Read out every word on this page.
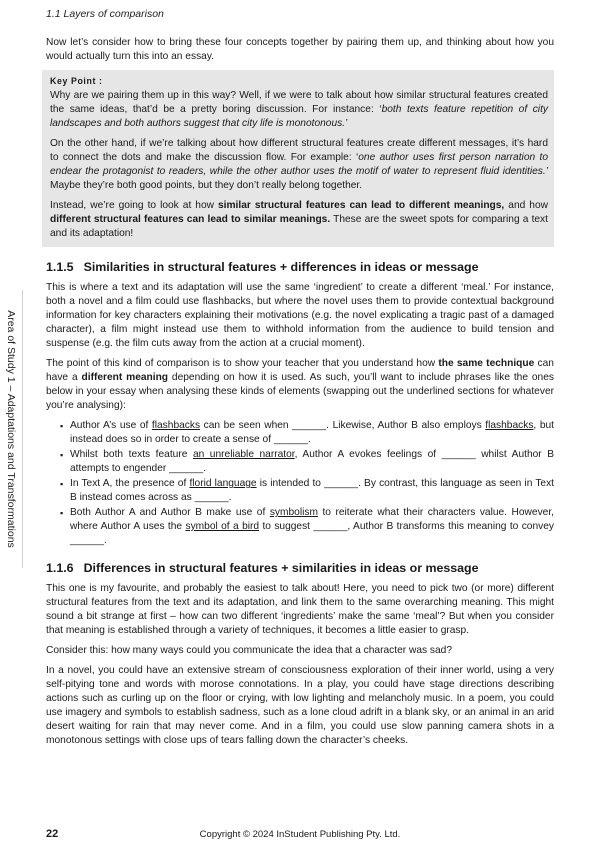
1.1 Layers of comparison
Area of Study 1 – Adaptations and Transformations

Now let’s consider how to bring these four concepts together by pairing them up, and thinking about how you would actually turn this into an essay.

Key Point :

Why are we pairing them up in this way? Well, if we were to talk about how similar structural features created the same ideas, that’d be a pretty boring discussion. For instance: ‘both texts feature repetition of city landscapes and both authors suggest that city life is monotonous.’

On the other hand, if we’re talking about how different structural features create different messages, it’s hard to connect the dots and make the discussion flow. For example: ‘one author uses first person narration to endear the protagonist to readers, while the other author uses the motif of water to represent fluid identities.’ Maybe they’re both good points, but they don’t really belong together.

Instead, we’re going to look at how similar structural features can lead to different meanings, and how different structural features can lead to similar meanings. These are the sweet spots for comparing a text and its adaptation!

1.1.5 Similarities in structural features + differences in ideas or message

This is where a text and its adaptation will use the same ‘ingredient’ to create a different ‘meal.’ For instance, both a novel and a film could use flashbacks, but where the novel uses them to provide contextual background information for key characters explaining their motivations (e.g. the novel explicating a tragic past of a damaged character), a film might instead use them to withhold information from the audience to build tension and suspense (e.g. the film cuts away from the action at a crucial moment).

The point of this kind of comparison is to show your teacher that you understand how the same technique can have a different meaning depending on how it is used. As such, you’ll want to include phrases like the ones below in your essay when analysing these kinds of elements (swapping out the underlined sections for whatever you’re analysing):

▪ Author A’s use of flashbacks can be seen when ______. Likewise, Author B also employs flashbacks, but instead does so in order to create a sense of ______.
▪ Whilst both texts feature an unreliable narrator, Author A evokes feelings of ______ whilst Author B attempts to engender ______.
▪ In Text A, the presence of florid language is intended to ______. By contrast, this language as seen in Text B instead comes across as ______.
▪ Both Author A and Author B make use of symbolism to reiterate what their characters value. However, where Author A uses the symbol of a bird to suggest ______, Author B transforms this meaning to convey ______.
1.1.6 Differences in structural features + similarities in ideas or message

This one is my favourite, and probably the easiest to talk about! Here, you need to pick two (or more) different structural features from the text and its adaptation, and link them to the same overarching meaning. This might sound a bit strange at first – how can two different ‘ingredients’ make the same ‘meal’? But when you consider that meaning is established through a variety of techniques, it becomes a little easier to grasp.

Consider this: how many ways could you communicate the idea that a character was sad?

In a novel, you could have an extensive stream of consciousness exploration of their inner world, using a very self-pitying tone and words with morose connotations. In a play, you could have stage directions describing actions such as curling up on the floor or crying, with low lighting and melancholy music. In a poem, you could use imagery and symbols to establish sadness, such as a lone cloud adrift in a blank sky, or an animal in an arid desert waiting for rain that may never come. And in a film, you could use slow panning camera shots in a monotonous settings with close ups of tears falling down the character’s cheeks.

22	Copyright © 2024 InStudent Publishing Pty. Ltd.
